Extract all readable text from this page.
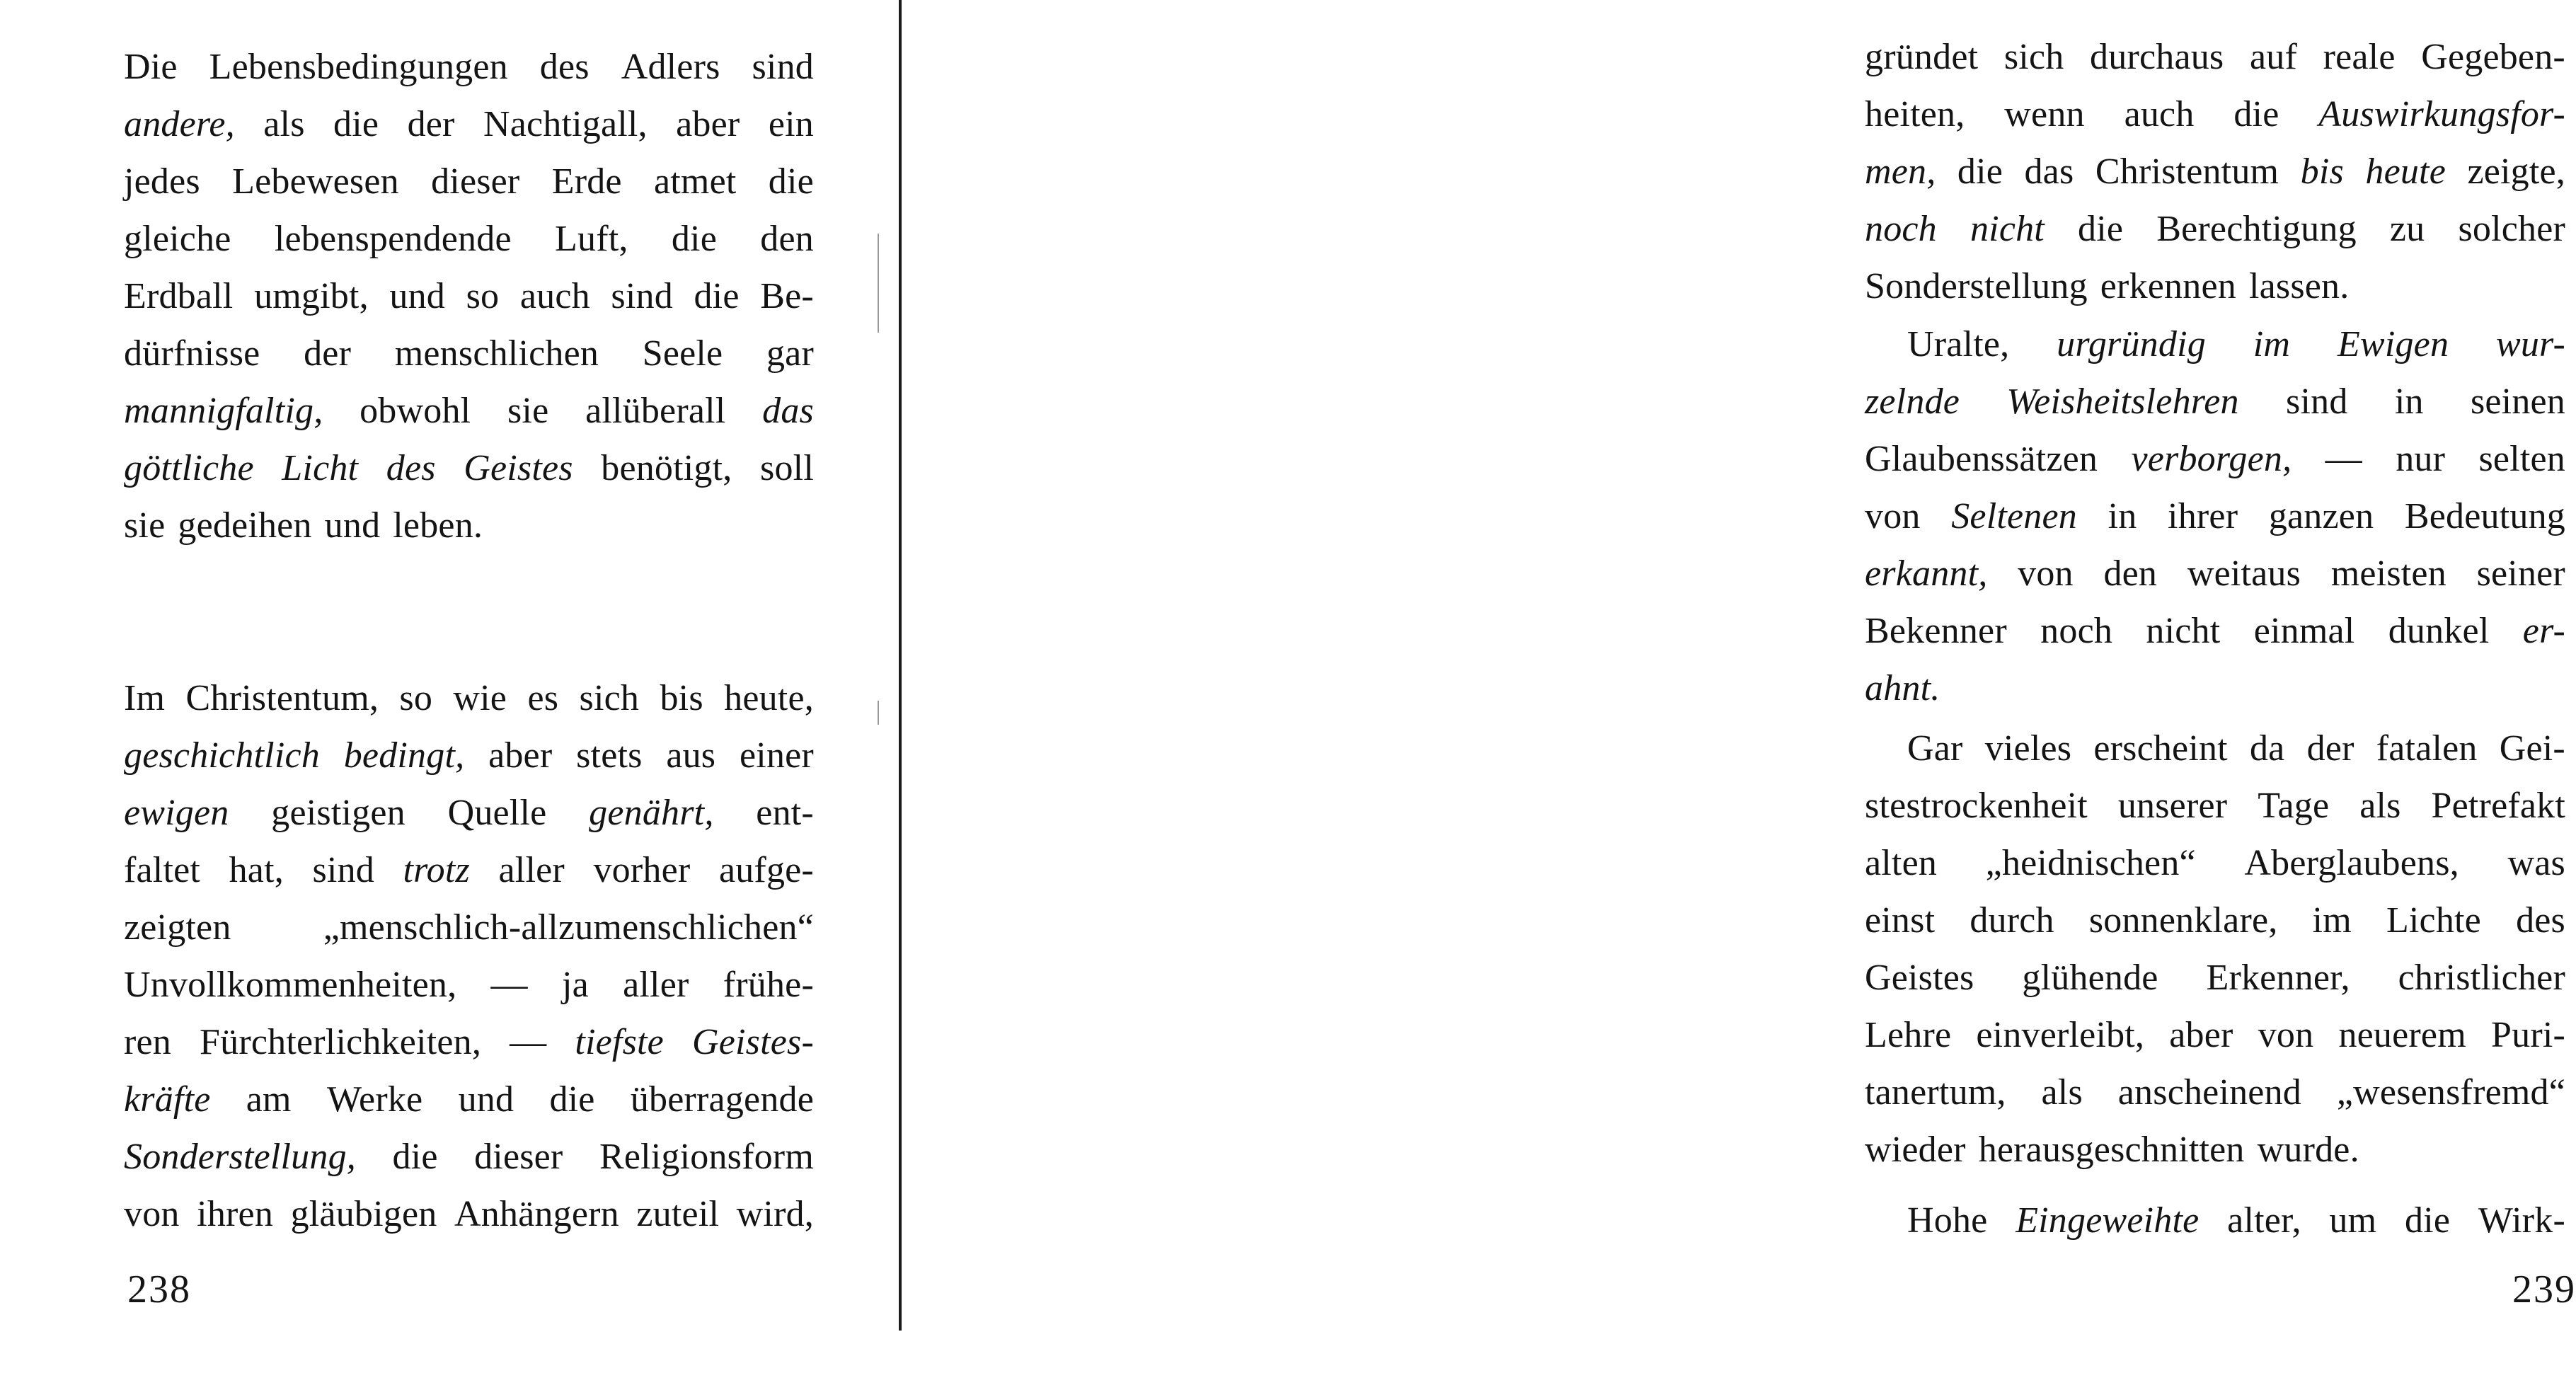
Die Lebensbedingungen des Adlers sind
andere, als die der Nachtigall, aber ein
jedes Lebewesen dieser Erde atmet die
gleiche lebenspendende Luft, die den
Erdball umgibt, und so auch sind die Be-
dürfnisse der menschlichen Seele gar
mannigfaltig, obwohl sie allüberall das
göttliche Licht des Geistes benötigt, soll
sie gedeihen und leben.
Im Christentum, so wie es sich bis heute,
geschichtlich bedingt, aber stets aus einer
ewigen geistigen Quelle genährt, ent-
faltet hat, sind trotz aller vorher aufge-
zeigten	„menschlich-allzumenschlichen“
Unvollkommenheiten, — ja aller frühe-
ren Fürchterlichkeiten, — tiefste Geistes-
kräfte am Werke und die überragende
Sonderstellung, die dieser Religionsform
von ihren gläubigen Anhängern zuteil wird,
238
gründet sich durchaus auf reale Gegeben-
heiten, wenn auch die Auswirkungsfor-
men, die das Christentum bis heute zeigte,
noch nicht die Berechtigung zu solcher
Sonderstellung erkennen lassen.
Uralte, urgründig im Ewigen wur-
zelnde Weisheitslehren sind in seinen
Glaubenssätzen verborgen, — nur selten
von Seltenen in ihrer ganzen Bedeutung
erkannt, von den weitaus meisten seiner
Bekenner noch nicht einmal dunkel er-
ahnt.
Gar vieles erscheint da der fatalen Gei-
stestrockenheit unserer Tage als Petrefakt
alten „heidnischen“ Aberglaubens, was
einst durch sonnenklare, im Lichte des
Geistes glühende Erkenner, christlicher
Lehre einverleibt, aber von neuerem Puri-
tanertum, als anscheinend „wesensfremd“
wieder herausgeschnitten wurde.
Hohe Eingeweihte alter, um die Wirk-
239
